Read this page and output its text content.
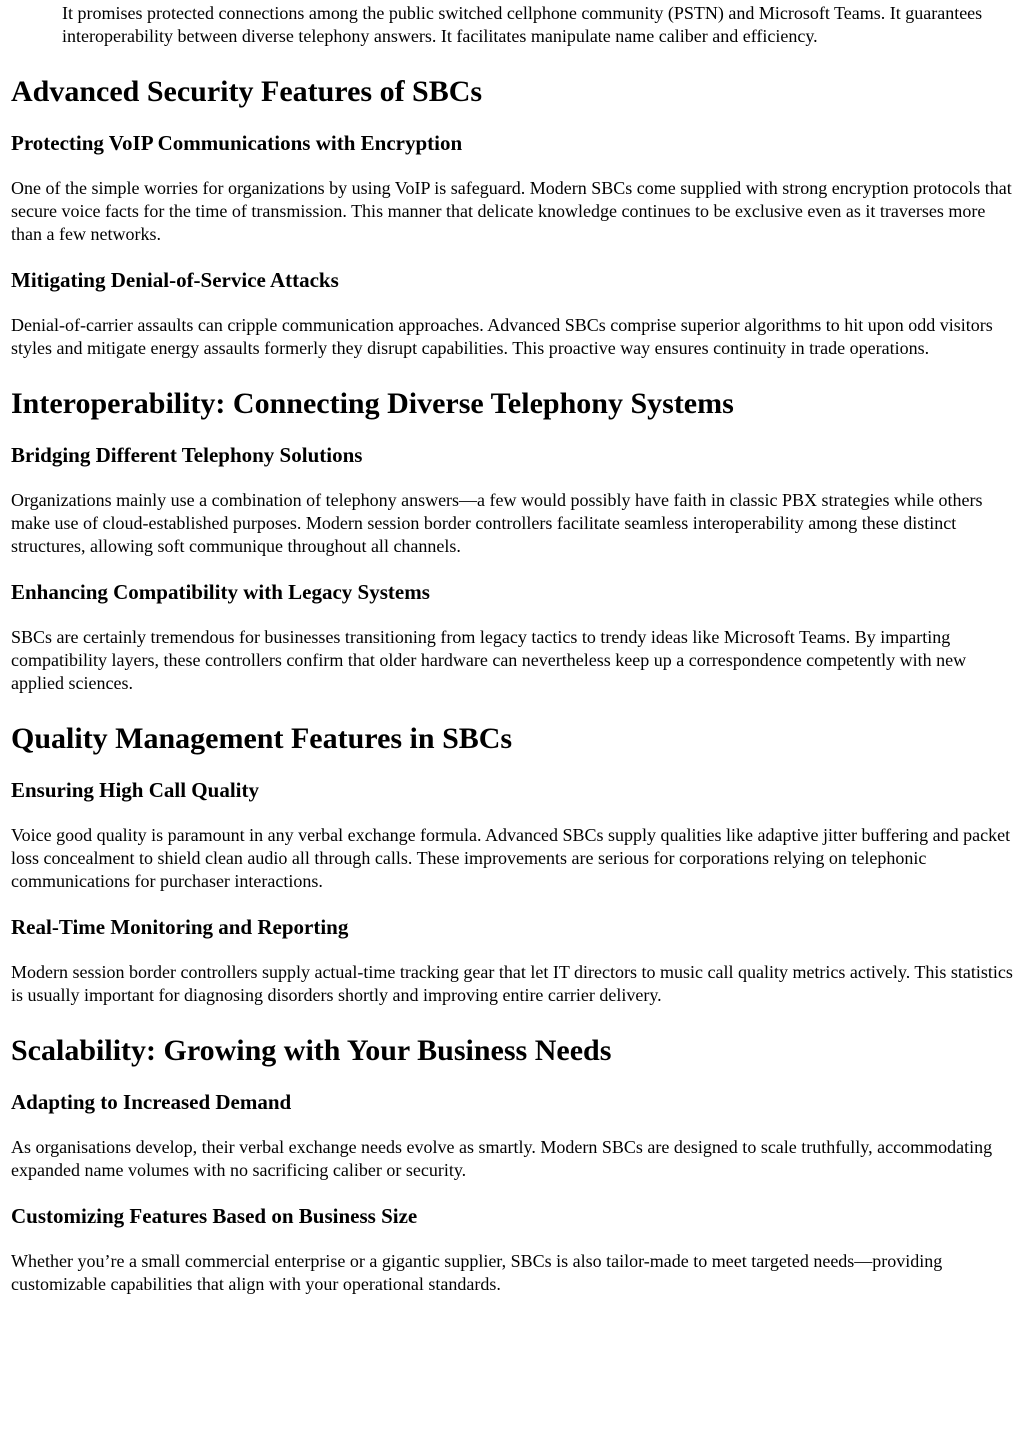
It promises protected connections among the public switched cellphone community (PSTN) and Microsoft Teams. It guarantees interoperability between diverse telephony answers. It facilitates manipulate name caliber and efficiency.

Advanced Security Features of SBCs
Protecting VoIP Communications with Encryption

One of the simple worries for organizations by using VoIP is safeguard. Modern SBCs come supplied with strong encryption protocols that secure voice facts for the time of transmission. This manner that delicate knowledge continues to be exclusive even as it traverses more than a few networks.

Mitigating Denial-of-Service Attacks

Denial-of-carrier assaults can cripple communication approaches. Advanced SBCs comprise superior algorithms to hit upon odd visitors styles and mitigate energy assaults formerly they disrupt capabilities. This proactive way ensures continuity in trade operations.

Interoperability: Connecting Diverse Telephony Systems
Bridging Different Telephony Solutions

Organizations mainly use a combination of telephony answers—a few would possibly have faith in classic PBX strategies while others make use of cloud-established purposes. Modern session border controllers facilitate seamless interoperability among these distinct structures, allowing soft communique throughout all channels.

Enhancing Compatibility with Legacy Systems

SBCs are certainly tremendous for businesses transitioning from legacy tactics to trendy ideas like Microsoft Teams. By imparting compatibility layers, these controllers confirm that older hardware can nevertheless keep up a correspondence competently with new applied sciences.

Quality Management Features in SBCs
Ensuring High Call Quality

Voice good quality is paramount in any verbal exchange formula. Advanced SBCs supply qualities like adaptive jitter buffering and packet loss concealment to shield clean audio all through calls. These improvements are serious for corporations relying on telephonic communications for purchaser interactions.

Real-Time Monitoring and Reporting

Modern session border controllers supply actual-time tracking gear that let IT directors to music call quality metrics actively. This statistics is usually important for diagnosing disorders shortly and improving entire carrier delivery.

Scalability: Growing with Your Business Needs
Adapting to Increased Demand

As organisations develop, their verbal exchange needs evolve as smartly. Modern SBCs are designed to scale truthfully, accommodating expanded name volumes with no sacrificing caliber or security.

Customizing Features Based on Business Size

Whether you’re a small commercial enterprise or a gigantic supplier, SBCs is also tailor-made to meet targeted needs—providing customizable capabilities that align with your operational standards.
